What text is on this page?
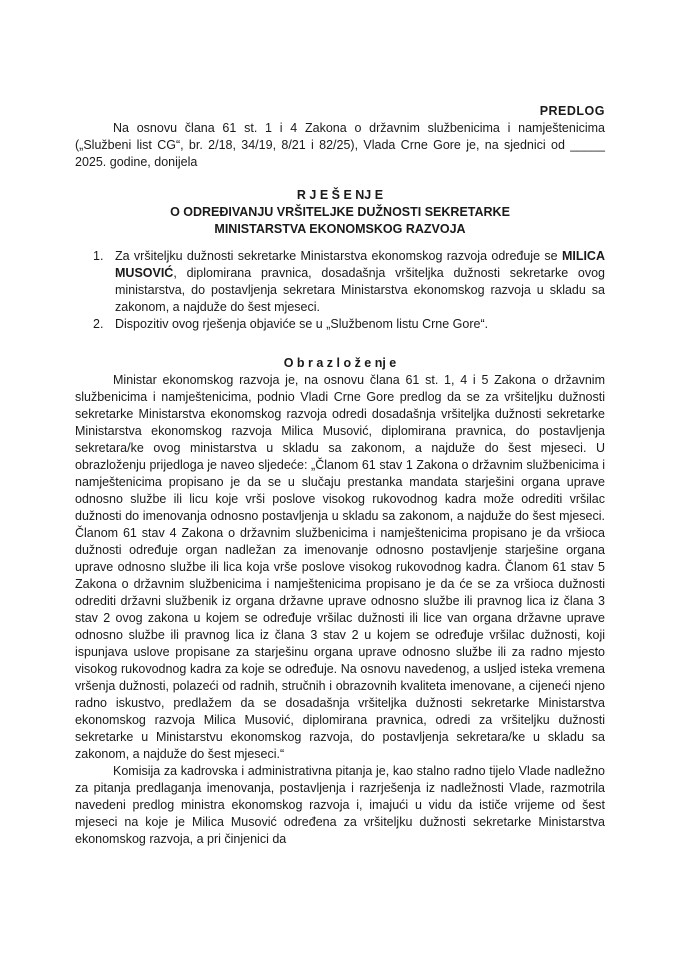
PREDLOG

Na osnovu člana 61 st. 1 i 4 Zakona o državnim službenicima i namještenicima („Službeni list CG“, br. 2/18, 34/19, 8/21 i 82/25), Vlada Crne Gore je, na sjednici od _____ 2025. godine, donijela

R J E Š E NJ E
O ODREĐIVANJU VRŠITELJKE DUŽNOSTI SEKRETARKE
MINISTARSTVA EKONOMSKOG RAZVOJA
1. Za vršiteljku dužnosti sekretarke Ministarstva ekonomskog razvoja određuje se MILICA MUSOVIĆ, diplomirana pravnica, dosadašnja vršiteljka dužnosti sekretarke ovog ministarstva, do postavljenja sekretara Ministarstva ekonomskog razvoja u skladu sa zakonom, a najduže do šest mjeseci.
2. Dispozitiv ovog rješenja objaviće se u „Službenom listu Crne Gore“.
O b r a z l o ž e nj e

Ministar ekonomskog razvoja je, na osnovu člana 61 st. 1, 4 i 5 Zakona o državnim službenicima i namještenicima, podnio Vladi Crne Gore predlog da se za vršiteljku dužnosti sekretarke Ministarstva ekonomskog razvoja odredi dosadašnja vršiteljka dužnosti sekretarke Ministarstva ekonomskog razvoja Milica Musović, diplomirana pravnica, do postavljenja sekretara/ke ovog ministarstva u skladu sa zakonom, a najduže do šest mjeseci. U obrazloženju prijedloga je naveo sljedeće: „Članom 61 stav 1 Zakona o državnim službenicima i namještenicima propisano je da se u slučaju prestanka mandata starješini organa uprave odnosno službe ili licu koje vrši poslove visokog rukovodnog kadra može odrediti vršilac dužnosti do imenovanja odnosno postavljenja u skladu sa zakonom, a najduže do šest mjeseci. Članom 61 stav 4 Zakona o državnim službenicima i namještenicima propisano je da vršioca dužnosti određuje organ nadležan za imenovanje odnosno postavljenje starješine organa uprave odnosno službe ili lica koja vrše poslove visokog rukovodnog kadra. Članom 61 stav 5 Zakona o državnim službenicima i namještenicima propisano je da će se za vršioca dužnosti odrediti državni službenik iz organa državne uprave odnosno službe ili pravnog lica iz člana 3 stav 2 ovog zakona u kojem se određuje vršilac dužnosti ili lice van organa državne uprave odnosno službe ili pravnog lica iz člana 3 stav 2 u kojem se određuje vršilac dužnosti, koji ispunjava uslove propisane za starješinu organa uprave odnosno službe ili za radno mjesto visokog rukovodnog kadra za koje se određuje. Na osnovu navedenog, a usljed isteka vremena vršenja dužnosti, polazeći od radnih, stručnih i obrazovnih kvaliteta imenovane, a cijeneći njeno radno iskustvo, predlažem da se dosadašnja vršiteljka dužnosti sekretarke Ministarstva ekonomskog razvoja Milica Musović, diplomirana pravnica, odredi za vršiteljku dužnosti sekretarke u Ministarstvu ekonomskog razvoja, do postavljenja sekretara/ke u skladu sa zakonom, a najduže do šest mjeseci.“

Komisija za kadrovska i administrativna pitanja je, kao stalno radno tijelo Vlade nadležno za pitanja predlaganja imenovanja, postavljenja i razrješenja iz nadležnosti Vlade, razmotrila navedeni predlog ministra ekonomskog razvoja i, imajući u vidu da ističe vrijeme od šest mjeseci na koje je Milica Musović određena za vršiteljku dužnosti sekretarke Ministarstva ekonomskog razvoja, a pri činjenici da
